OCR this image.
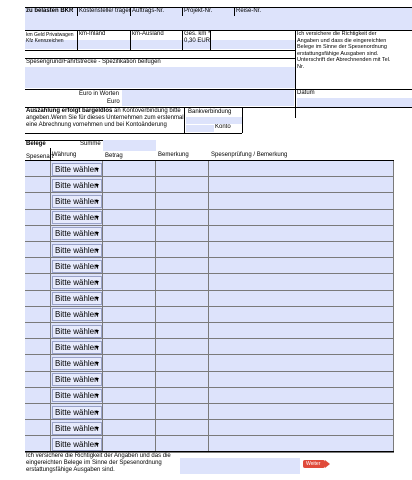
zu belasten BKR Kostenstelle/ träger Auftrags-Nr.	Projekt-Nr.	Reise-Nr.
km Geld Privatwagen
Kfz Kennzeichen
km-Inland	km-Ausland	Ges. km *
0,30 EUR
Ich versichere die Richtigkeit der Angaben und dass die eingereichten Belege im Sinne der Spesenordnung erstattungsfähige Ausgaben sind. Unterschrift der Abrechnenden mit Tel. Nr.
Spesengrund/Fahrtstrecke - Spezifikation beifügen
Euro in Worten
Euro
Datum
Auszahlung erfolgt bargeldlos an Kontoverbindung bitte angeben.Wenn Sie für dieses Unternehmen zum erstenmal eine Abrechnung vornehmen und bei Kontoänderung
Bankverbindung
Konto
Belege	Summe
Spesenart
Währung	Betrag	Bemerkung	Spesenprüfung / Bemerkung
Bitte wählen
Bitte wählen
Bitte wählen
Bitte wählen
Bitte wählen
Bitte wählen
Bitte wählen
Bitte wählen
Bitte wählen
Bitte wählen
Bitte wählen
Bitte wählen
Bitte wählen
Bitte wählen
Bitte wählen
Bitte wählen
Bitte wählen
Bitte wählen
Ich versichere die Richtigkeit der Angaben und das die eingereichten Belege im Sinne der Spesenordnung erstattungsfähige Ausgaben sind.
Weiter
